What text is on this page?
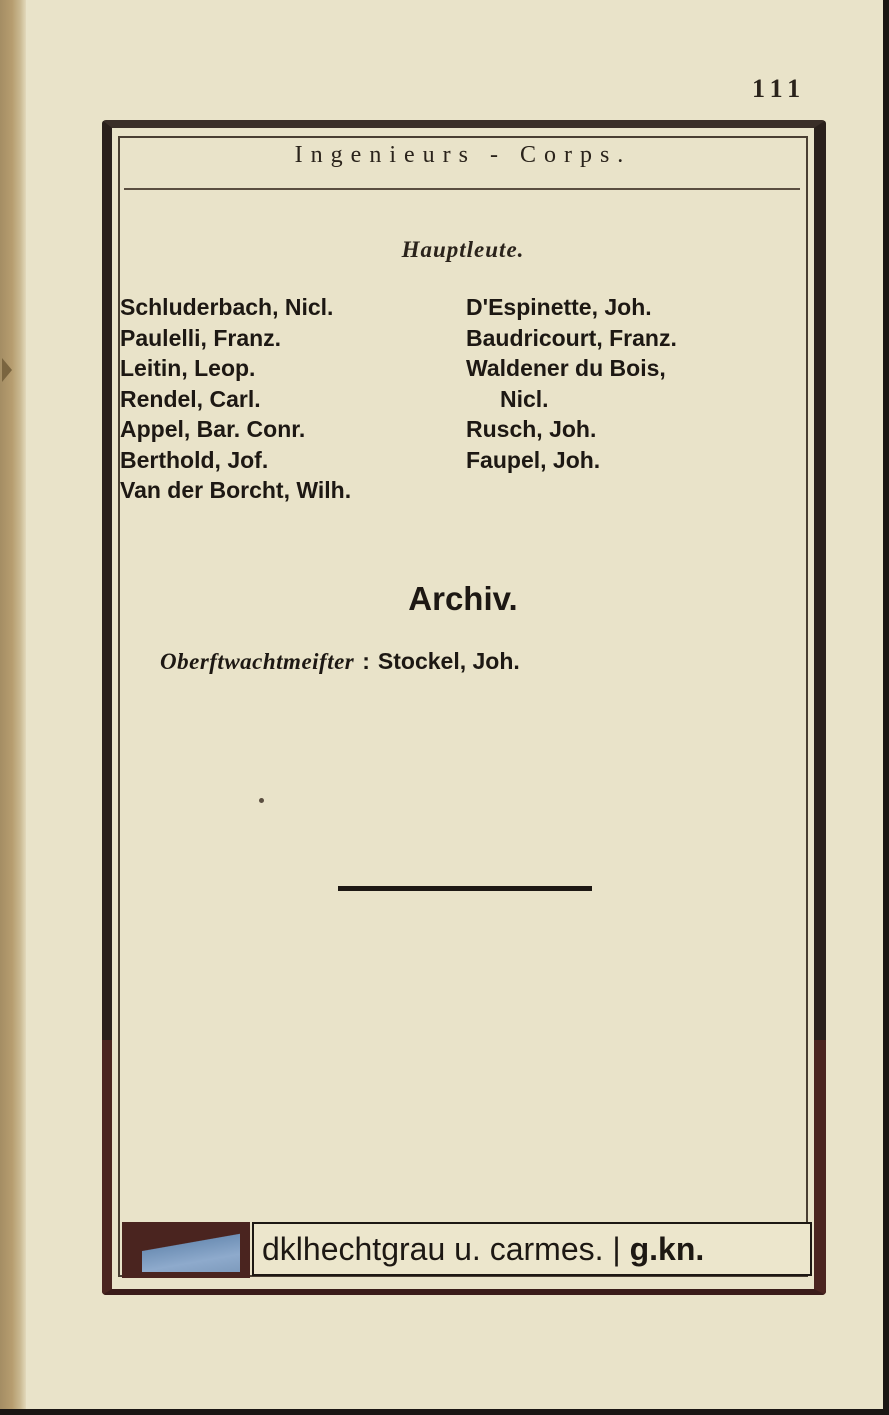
111
Ingenieurs - Corps.
Hauptleute.
Schluderbach, Nicl.
Paulelli, Franz.
Leitin, Leop.
Rendel, Carl.
Appel, Bar. Conr.
Berthold, Jof.
Van der Borcht, Wilh.
D'Espinette, Joh.
Baudricourt, Franz.
Waldener du Bois,
Nicl.
Rusch, Joh.
Faupel, Joh.
Archiv.
Oberftwachtmeifter : Stockel, Joh.
dklhechtgrau u. carmes. | g.kn.
